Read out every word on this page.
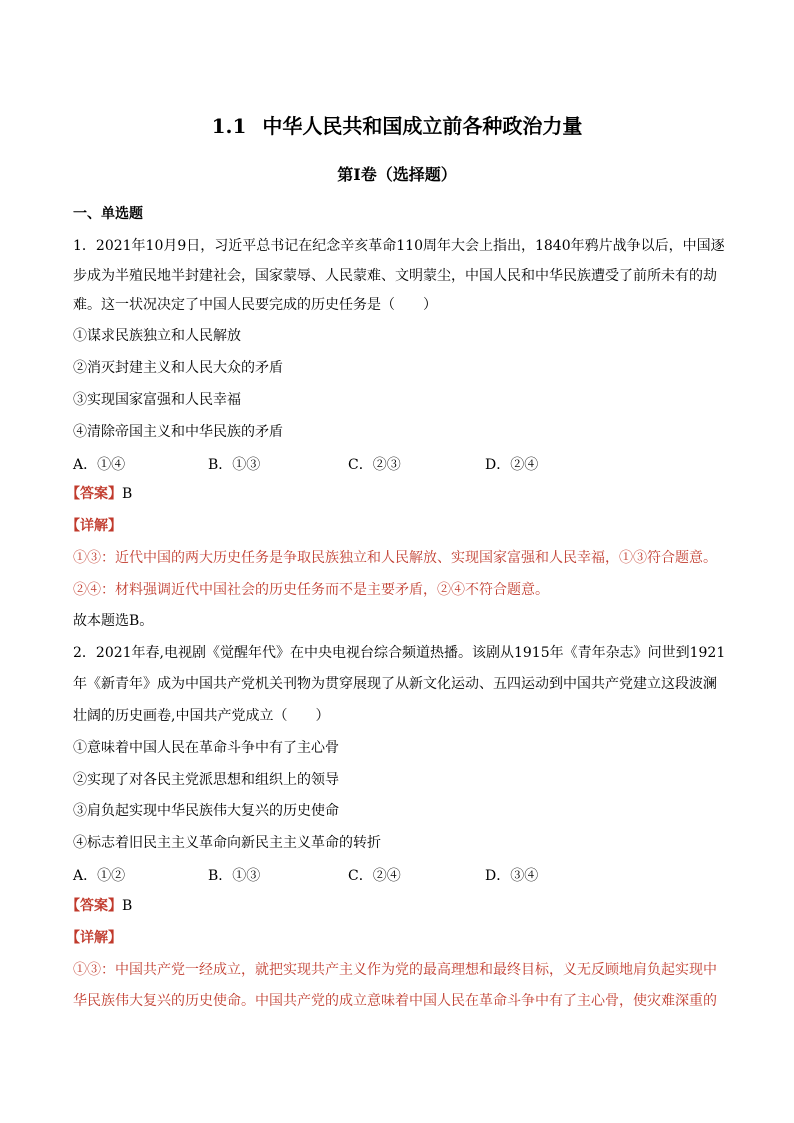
1.1 中华人民共和国成立前各种政治力量
第Ⅰ卷（选择题）
一、单选题
1．2021年10月9日，习近平总书记在纪念辛亥革命110周年大会上指出，1840年鸦片战争以后，中国逐
步成为半殖民地半封建社会，国家蒙辱、人民蒙难、文明蒙尘，中国人民和中华民族遭受了前所未有的劫
难。这一状况决定了中国人民要完成的历史任务是（　　）
①谋求民族独立和人民解放
②消灭封建主义和人民大众的矛盾
③实现国家富强和人民幸福
④清除帝国主义和中华民族的矛盾
A．①④	B．①③	C．②③	D．②④
【答案】B
【详解】
①③：近代中国的两大历史任务是争取民族独立和人民解放、实现国家富强和人民幸福，①③符合题意。
②④：材料强调近代中国社会的历史任务而不是主要矛盾，②④不符合题意。
故本题选B。
2．2021年春,电视剧《觉醒年代》在中央电视台综合频道热播。该剧从1915年《青年杂志》问世到1921
年《新青年》成为中国共产党机关刊物为贯穿展现了从新文化运动、五四运动到中国共产党建立这段波澜
壮阔的历史画卷,中国共产党成立（　　）
①意味着中国人民在革命斗争中有了主心骨
②实现了对各民主党派思想和组织上的领导
③肩负起实现中华民族伟大复兴的历史使命
④标志着旧民主主义革命向新民主主义革命的转折
A．①②	B．①③	C．②④	D．③④
【答案】B
【详解】
①③：中国共产党一经成立，就把实现共产主义作为党的最高理想和最终目标，义无反顾地肩负起实现中
华民族伟大复兴的历史使命。中国共产党的成立意味着中国人民在革命斗争中有了主心骨，使灾难深重的
